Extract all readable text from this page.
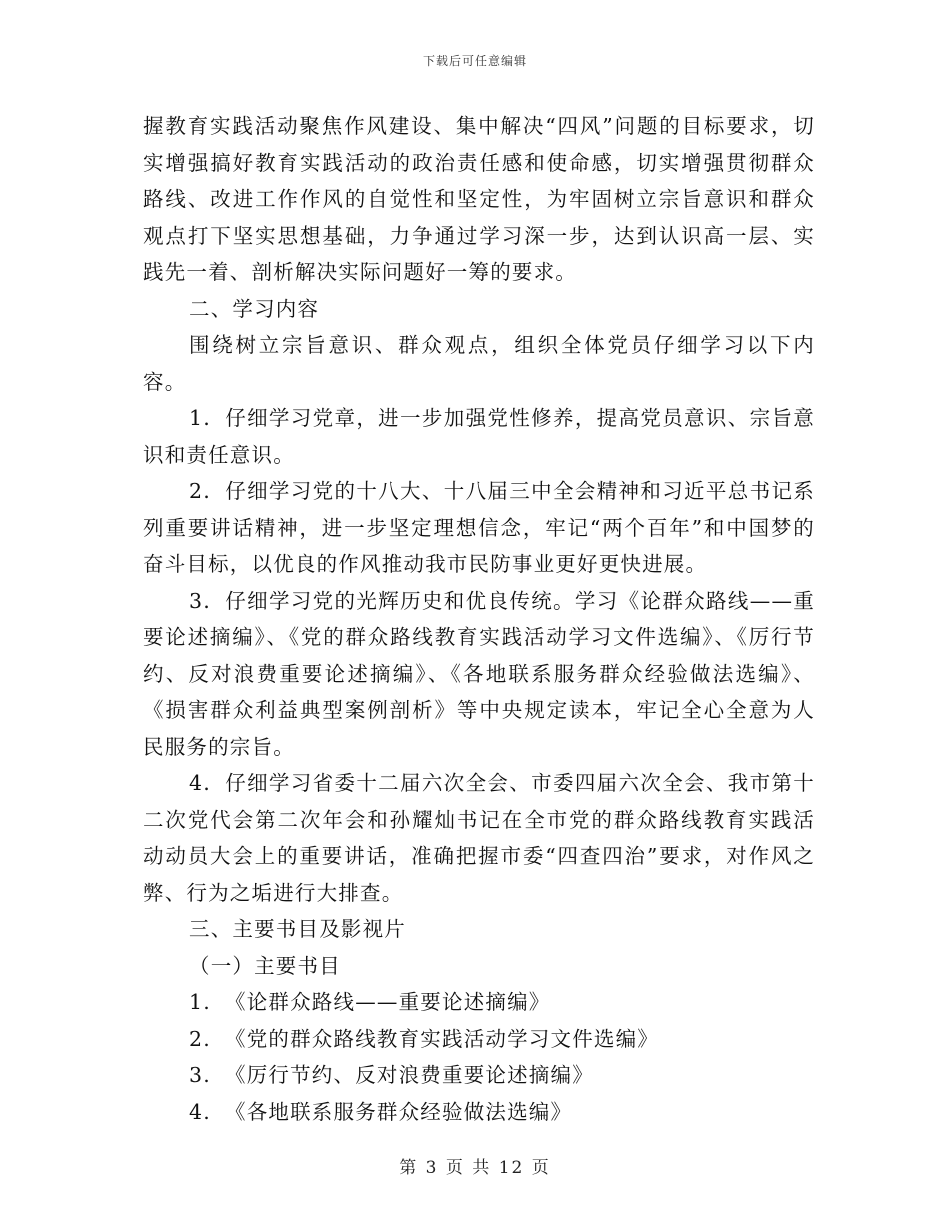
下载后可任意编辑

握教育实践活动聚焦作风建设、集中解决“四风”问题的目标要求，切实增强搞好教育实践活动的政治责任感和使命感，切实增强贯彻群众路线、改进工作作风的自觉性和坚定性，为牢固树立宗旨意识和群众观点打下坚实思想基础，力争通过学习深一步，达到认识高一层、实践先一着、剖析解决实际问题好一筹的要求。

二、学习内容

围绕树立宗旨意识、群众观点，组织全体党员仔细学习以下内容。

1．仔细学习党章，进一步加强党性修养，提高党员意识、宗旨意识和责任意识。

2．仔细学习党的十八大、十八届三中全会精神和习近平总书记系列重要讲话精神，进一步坚定理想信念，牢记“两个百年”和中国梦的奋斗目标，以优良的作风推动我市民防事业更好更快进展。

3．仔细学习党的光辉历史和优良传统。学习《论群众路线——重要论述摘编》、《党的群众路线教育实践活动学习文件选编》、《厉行节约、反对浪费重要论述摘编》、《各地联系服务群众经验做法选编》、《损害群众利益典型案例剖析》等中央规定读本，牢记全心全意为人民服务的宗旨。

4．仔细学习省委十二届六次全会、市委四届六次全会、我市第十二次党代会第二次年会和孙耀灿书记在全市党的群众路线教育实践活动动员大会上的重要讲话，准确把握市委“四查四治”要求，对作风之弊、行为之垢进行大排查。

三、主要书目及影视片

（一）主要书目

1. 《论群众路线——重要论述摘编》

2. 《党的群众路线教育实践活动学习文件选编》

3. 《厉行节约、反对浪费重要论述摘编》

4. 《各地联系服务群众经验做法选编》

第 3 页 共 12 页
